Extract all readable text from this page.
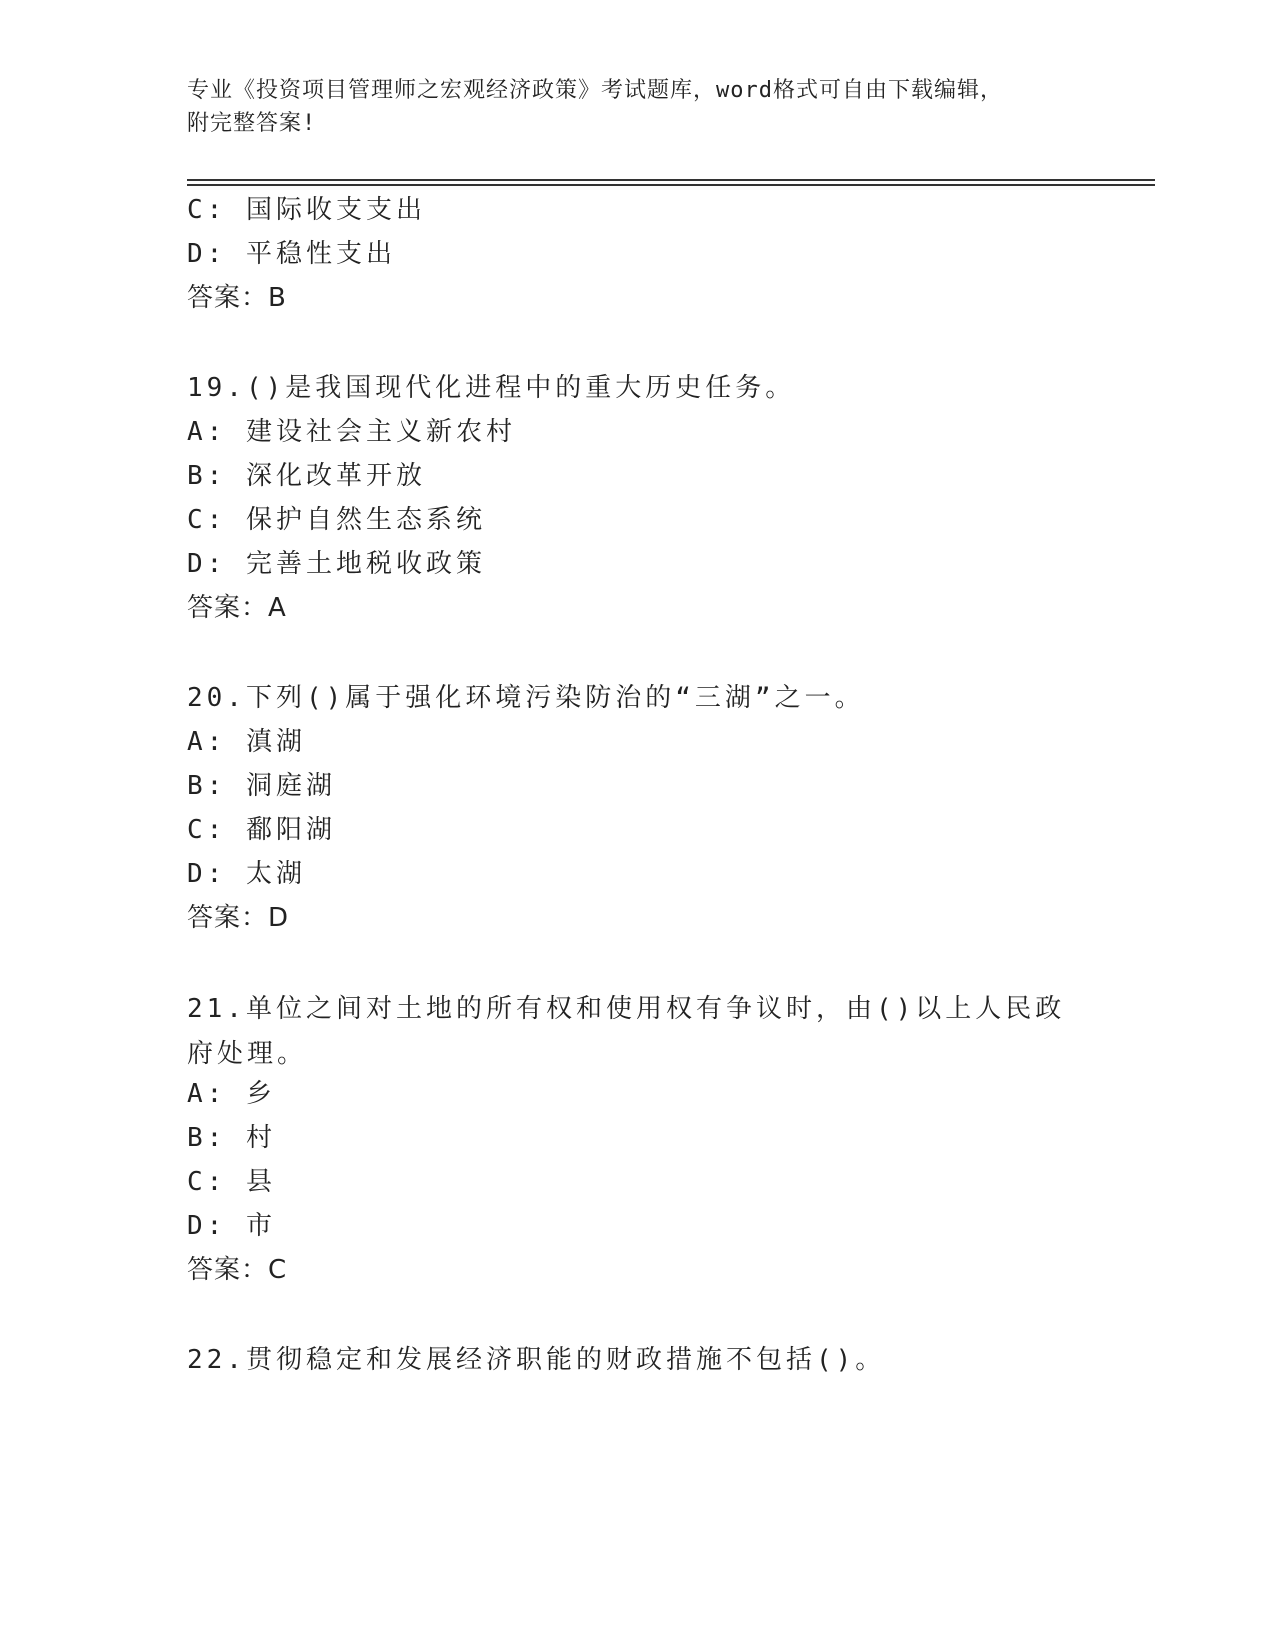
专业《投资项目管理师之宏观经济政策》考试题库，word格式可自由下载编辑，
附完整答案!
C: 国际收支支出
D: 平稳性支出
答案：B
19.()是我国现代化进程中的重大历史任务。
A: 建设社会主义新农村
B: 深化改革开放
C: 保护自然生态系统
D: 完善土地税收政策
答案：A
20.下列()属于强化环境污染防治的“三湖”之一。
A: 滇湖
B: 洞庭湖
C: 鄱阳湖
D: 太湖
答案：D
21.单位之间对土地的所有权和使用权有争议时，由()以上人民政府处理。
A: 乡
B: 村
C: 县
D: 市
答案：C
22.贯彻稳定和发展经济职能的财政措施不包括()。
